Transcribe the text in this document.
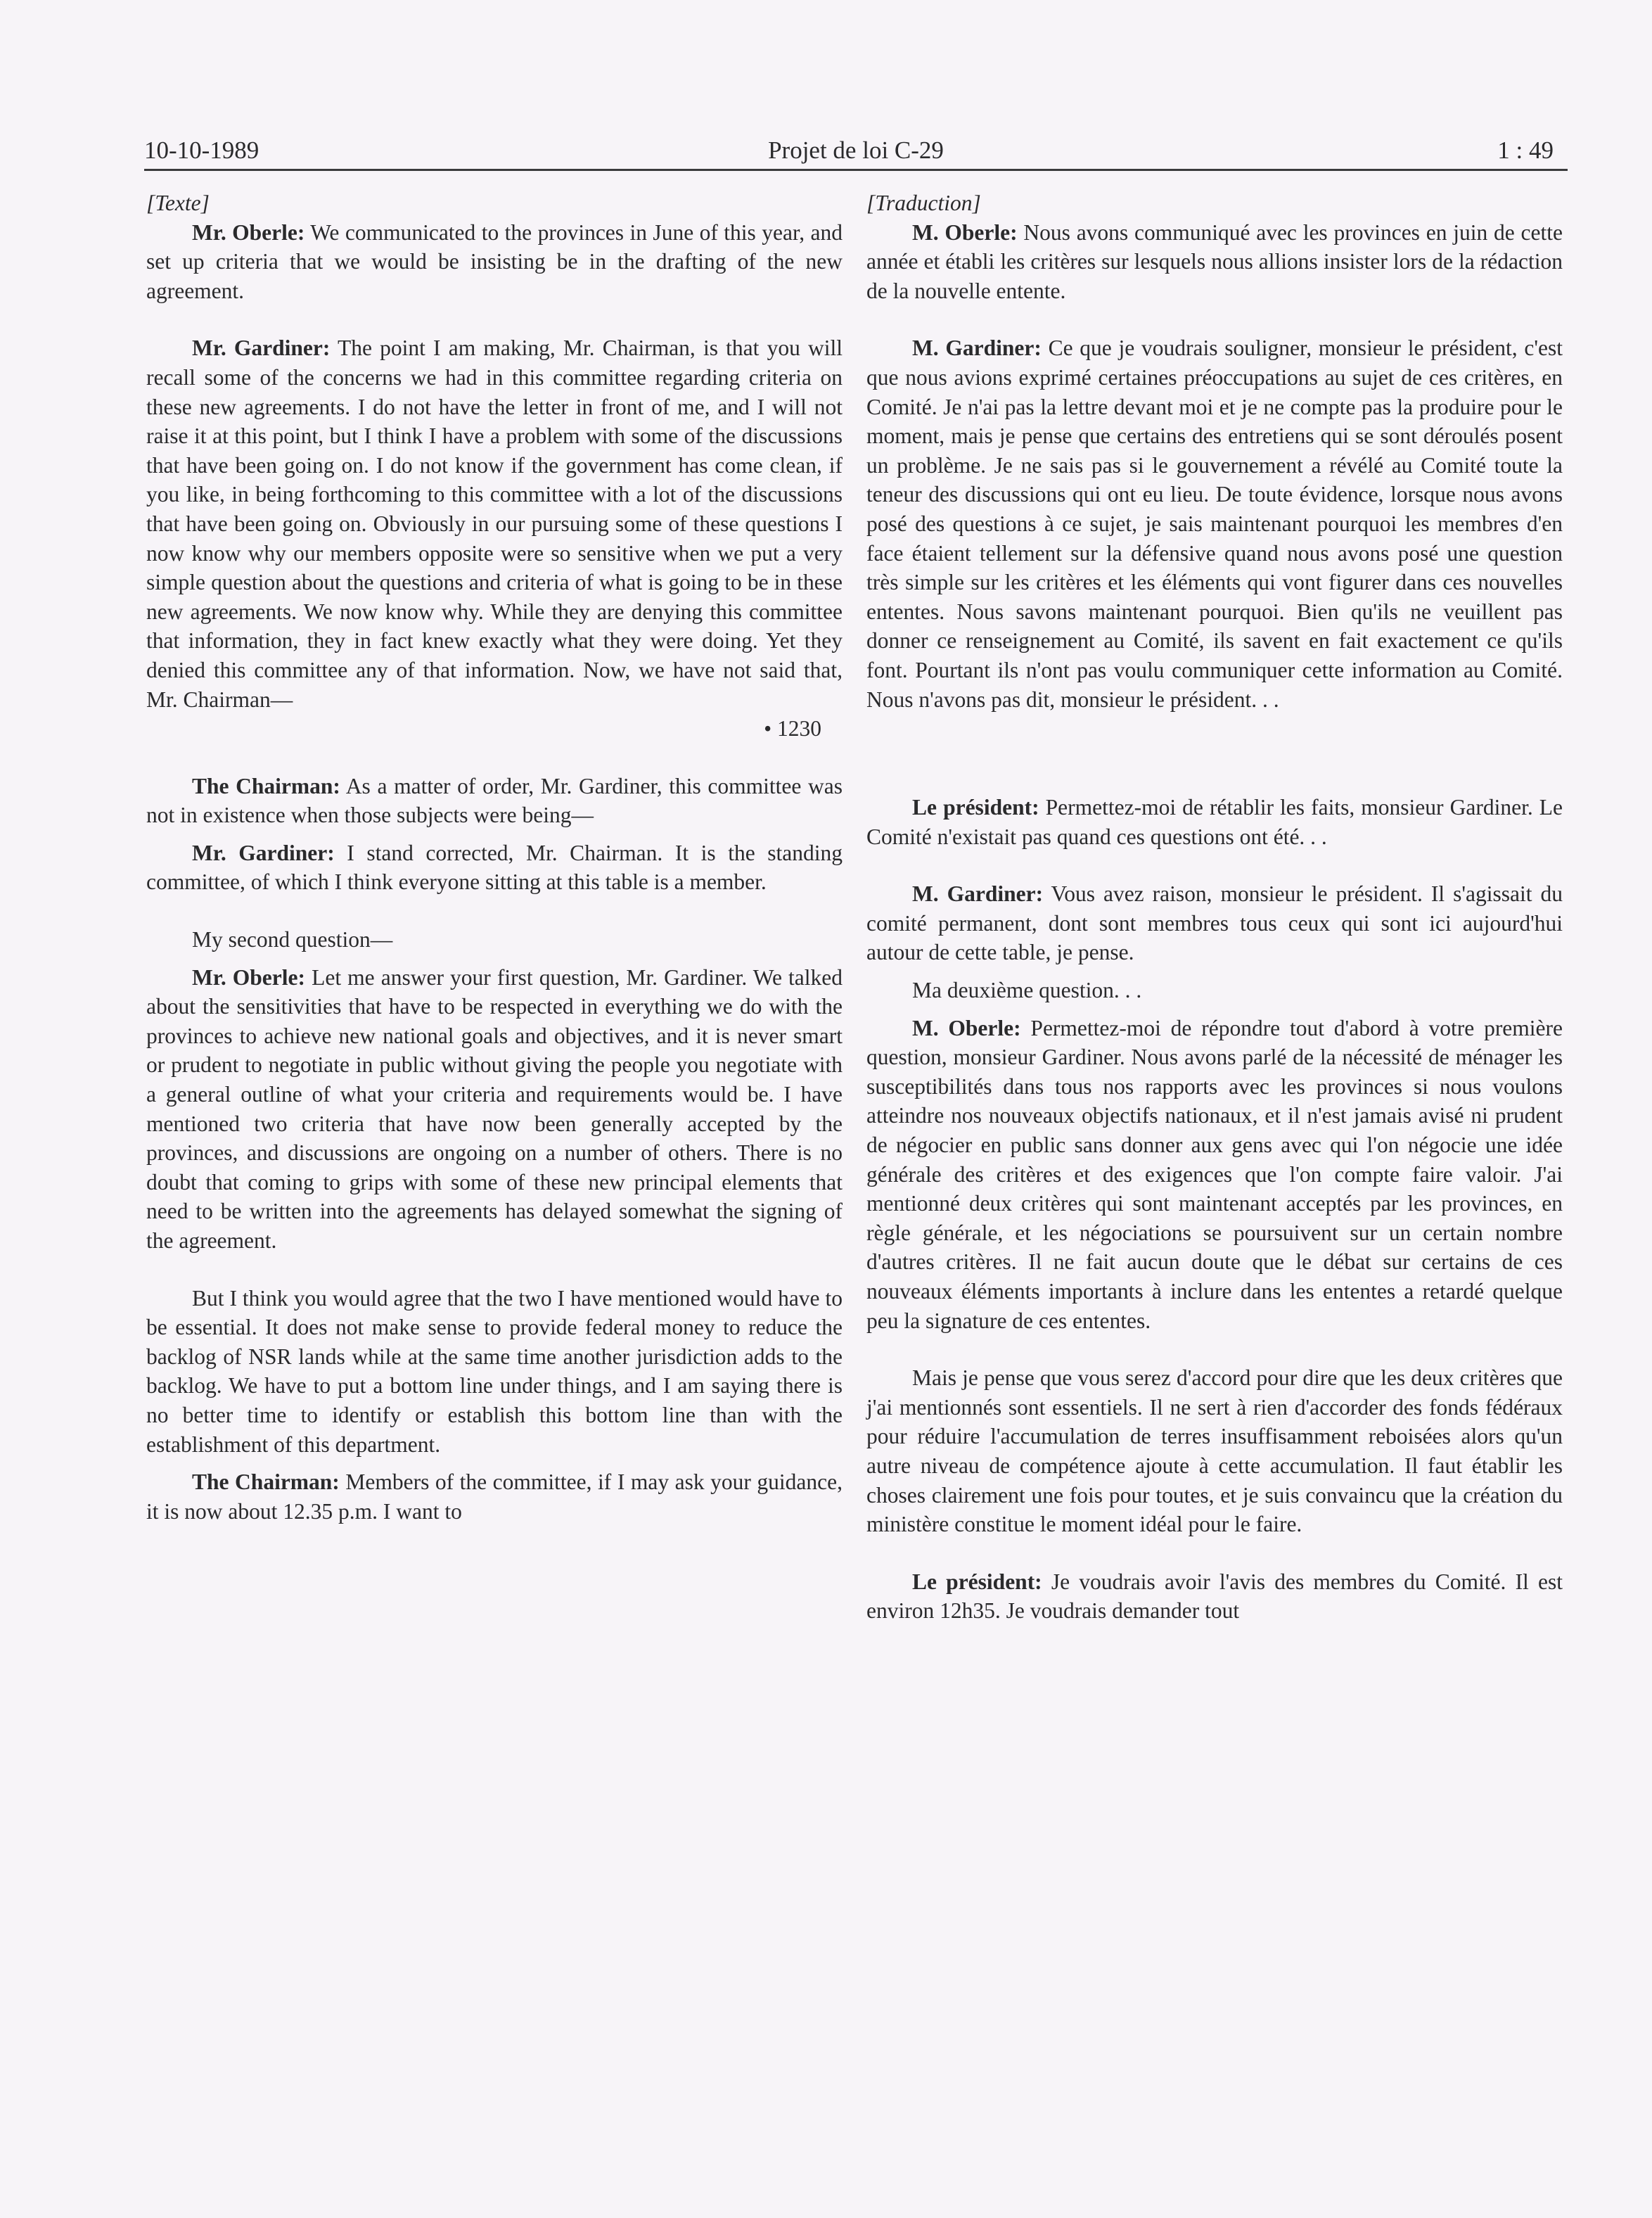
10-10-1989	Projet de loi C-29	1 : 49

[Texte]

Mr. Oberle: We communicated to the provinces in June of this year, and set up criteria that we would be insisting be in the drafting of the new agreement.

Mr. Gardiner: The point I am making, Mr. Chairman, is that you will recall some of the concerns we had in this committee regarding criteria on these new agreements. I do not have the letter in front of me, and I will not raise it at this point, but I think I have a problem with some of the discussions that have been going on. I do not know if the government has come clean, if you like, in being forthcoming to this committee with a lot of the discussions that have been going on. Obviously in our pursuing some of these questions I now know why our members opposite were so sensitive when we put a very simple question about the questions and criteria of what is going to be in these new agreements. We now know why. While they are denying this committee that information, they in fact knew exactly what they were doing. Yet they denied this committee any of that information. Now, we have not said that, Mr. Chairman—

• 1230

The Chairman: As a matter of order, Mr. Gardiner, this committee was not in existence when those subjects were being—

Mr. Gardiner: I stand corrected, Mr. Chairman. It is the standing committee, of which I think everyone sitting at this table is a member.

My second question—

Mr. Oberle: Let me answer your first question, Mr. Gardiner. We talked about the sensitivities that have to be respected in everything we do with the provinces to achieve new national goals and objectives, and it is never smart or prudent to negotiate in public without giving the people you negotiate with a general outline of what your criteria and requirements would be. I have mentioned two criteria that have now been generally accepted by the provinces, and discussions are ongoing on a number of others. There is no doubt that coming to grips with some of these new principal elements that need to be written into the agreements has delayed somewhat the signing of the agreement.

But I think you would agree that the two I have mentioned would have to be essential. It does not make sense to provide federal money to reduce the backlog of NSR lands while at the same time another jurisdiction adds to the backlog. We have to put a bottom line under things, and I am saying there is no better time to identify or establish this bottom line than with the establishment of this department.

The Chairman: Members of the committee, if I may ask your guidance, it is now about 12.35 p.m. I want to

[Traduction]

M. Oberle: Nous avons communiqué avec les provinces en juin de cette année et établi les critères sur lesquels nous allions insister lors de la rédaction de la nouvelle entente.

M. Gardiner: Ce que je voudrais souligner, monsieur le président, c'est que nous avions exprimé certaines préoccupations au sujet de ces critères, en Comité. Je n'ai pas la lettre devant moi et je ne compte pas la produire pour le moment, mais je pense que certains des entretiens qui se sont déroulés posent un problème. Je ne sais pas si le gouvernement a révélé au Comité toute la teneur des discussions qui ont eu lieu. De toute évidence, lorsque nous avons posé des questions à ce sujet, je sais maintenant pourquoi les membres d'en face étaient tellement sur la défensive quand nous avons posé une question très simple sur les critères et les éléments qui vont figurer dans ces nouvelles ententes. Nous savons maintenant pourquoi. Bien qu'ils ne veuillent pas donner ce renseignement au Comité, ils savent en fait exactement ce qu'ils font. Pourtant ils n'ont pas voulu communiquer cette information au Comité. Nous n'avons pas dit, monsieur le président. . .

Le président: Permettez-moi de rétablir les faits, monsieur Gardiner. Le Comité n'existait pas quand ces questions ont été. . .

M. Gardiner: Vous avez raison, monsieur le président. Il s'agissait du comité permanent, dont sont membres tous ceux qui sont ici aujourd'hui autour de cette table, je pense.

Ma deuxième question. . .

M. Oberle: Permettez-moi de répondre tout d'abord à votre première question, monsieur Gardiner. Nous avons parlé de la nécessité de ménager les susceptibilités dans tous nos rapports avec les provinces si nous voulons atteindre nos nouveaux objectifs nationaux, et il n'est jamais avisé ni prudent de négocier en public sans donner aux gens avec qui l'on négocie une idée générale des critères et des exigences que l'on compte faire valoir. J'ai mentionné deux critères qui sont maintenant acceptés par les provinces, en règle générale, et les négociations se poursuivent sur un certain nombre d'autres critères. Il ne fait aucun doute que le débat sur certains de ces nouveaux éléments importants à inclure dans les ententes a retardé quelque peu la signature de ces ententes.

Mais je pense que vous serez d'accord pour dire que les deux critères que j'ai mentionnés sont essentiels. Il ne sert à rien d'accorder des fonds fédéraux pour réduire l'accumulation de terres insuffisamment reboisées alors qu'un autre niveau de compétence ajoute à cette accumulation. Il faut établir les choses clairement une fois pour toutes, et je suis convaincu que la création du ministère constitue le moment idéal pour le faire.

Le président: Je voudrais avoir l'avis des membres du Comité. Il est environ 12h35. Je voudrais demander tout
